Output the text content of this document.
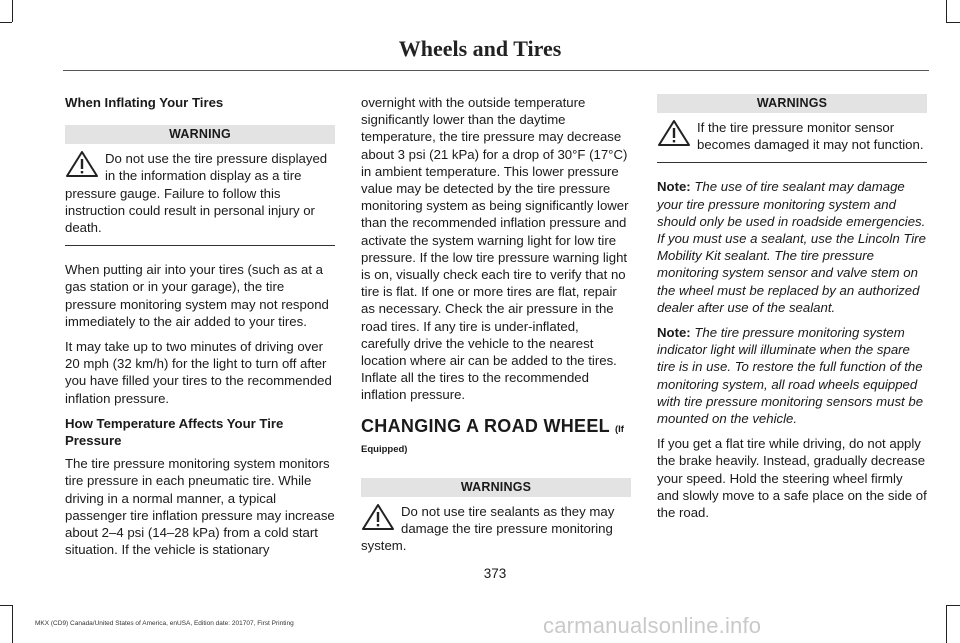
Wheels and Tires

When Inflating Your Tires

WARNING
Do not use the tire pressure displayed in the information display as a tire pressure gauge. Failure to follow this instruction could result in personal injury or death.

When putting air into your tires (such as at a gas station or in your garage), the tire pressure monitoring system may not respond immediately to the air added to your tires.

It may take up to two minutes of driving over 20 mph (32 km/h) for the light to turn off after you have filled your tires to the recommended inflation pressure.

How Temperature Affects Your Tire Pressure

The tire pressure monitoring system monitors tire pressure in each pneumatic tire. While driving in a normal manner, a typical passenger tire inflation pressure may increase about 2–4 psi (14–28 kPa) from a cold start situation. If the vehicle is stationary

overnight with the outside temperature significantly lower than the daytime temperature, the tire pressure may decrease about 3 psi (21 kPa) for a drop of 30°F (17°C) in ambient temperature. This lower pressure value may be detected by the tire pressure monitoring system as being significantly lower than the recommended inflation pressure and activate the system warning light for low tire pressure. If the low tire pressure warning light is on, visually check each tire to verify that no tire is flat. If one or more tires are flat, repair as necessary. Check the air pressure in the road tires. If any tire is under-inflated, carefully drive the vehicle to the nearest location where air can be added to the tires. Inflate all the tires to the recommended inflation pressure.

CHANGING A ROAD WHEEL (If Equipped)
WARNINGS
Do not use tire sealants as they may damage the tire pressure monitoring system.
WARNINGS
If the tire pressure monitor sensor becomes damaged it may not function.

Note: The use of tire sealant may damage your tire pressure monitoring system and should only be used in roadside emergencies. If you must use a sealant, use the Lincoln Tire Mobility Kit sealant. The tire pressure monitoring system sensor and valve stem on the wheel must be replaced by an authorized dealer after use of the sealant.

Note: The tire pressure monitoring system indicator light will illuminate when the spare tire is in use. To restore the full function of the monitoring system, all road wheels equipped with tire pressure monitoring sensors must be mounted on the vehicle.

If you get a flat tire while driving, do not apply the brake heavily. Instead, gradually decrease your speed. Hold the steering wheel firmly and slowly move to a safe place on the side of the road.

373
MKX (CD9) Canada/United States of America, enUSA, Edition date: 201707, First Printing	carmanualsonline.info
